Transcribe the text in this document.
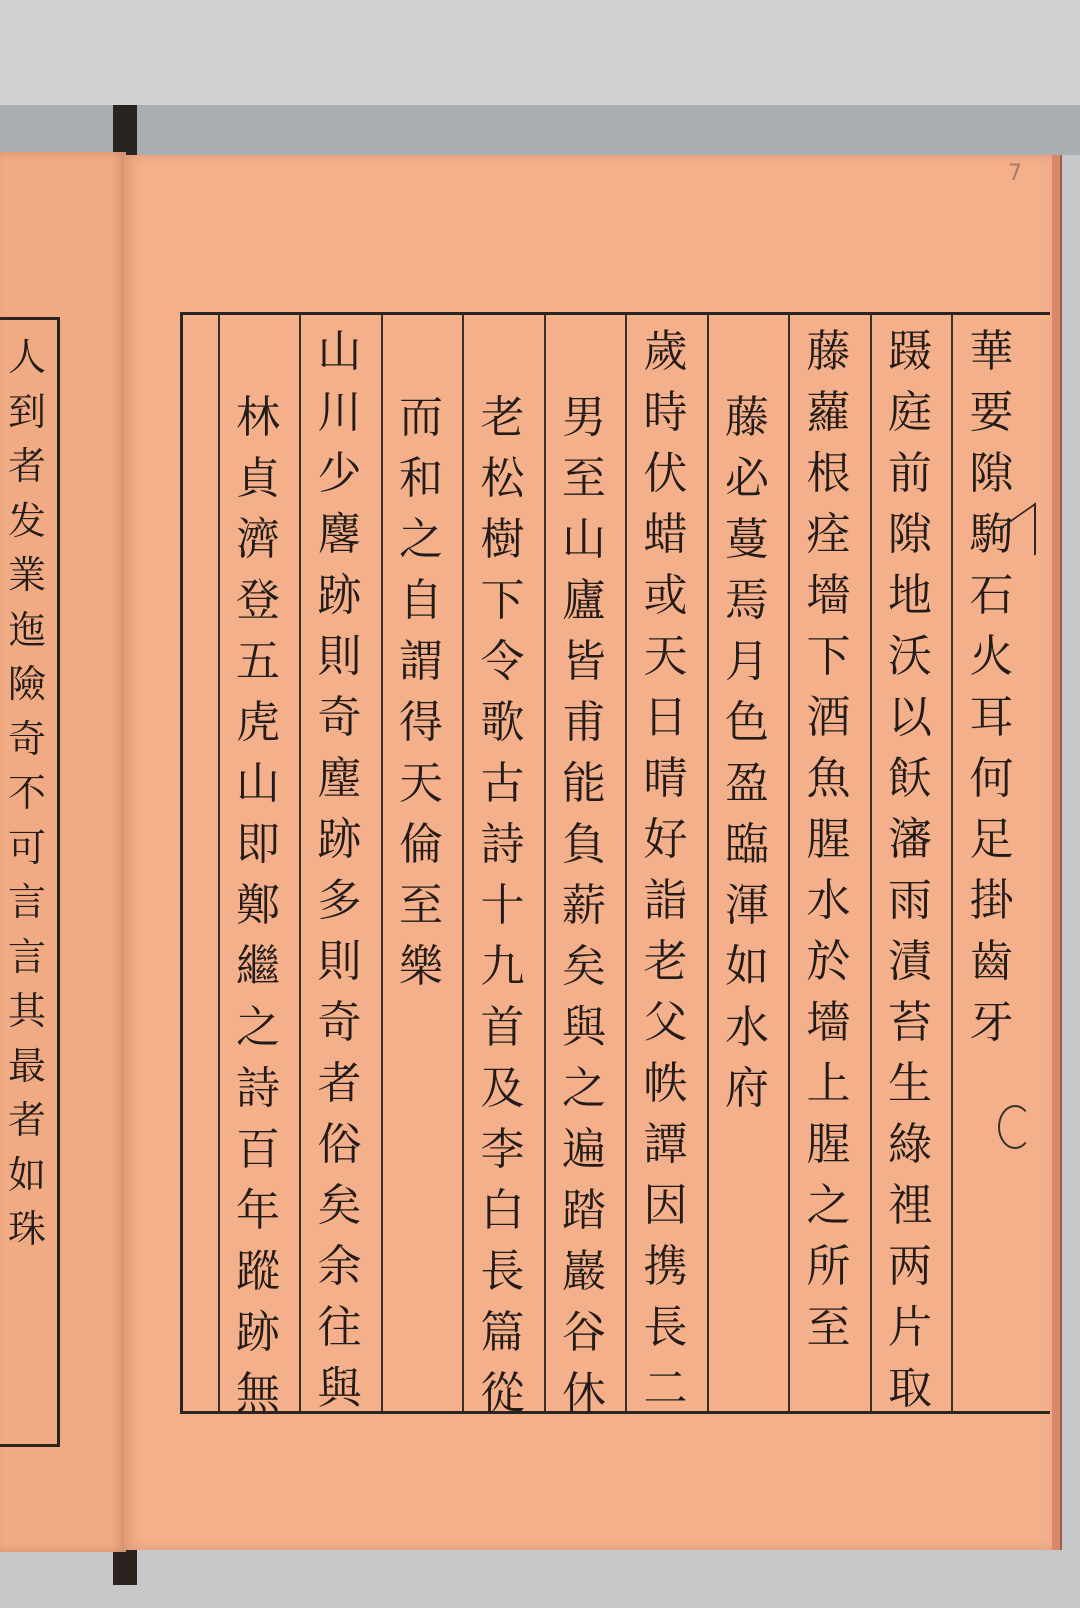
人
到
者
发
業
迤
險
奇
不
可
言
言
其
最
者
如
珠
7
華
要
隙
駒
石
火
耳
何
足
掛
齒
牙
蹑
庭
前
隙
地
沃
以
飫
瀋
雨
漬
苔
生
綠
𥚃
两
片
取
藤
蘿
根
痊
墻
下
酒
魚
腥
水
於
墻
上
腥
之
所
至
藤
必
蔓
焉
月
色
盈
臨
渾
如
水
府
歲
時
伏
蜡
或
天
日
晴
好
詣
老
父
帙
譚
因
携
長
二
男
至
山
廬
皆
甫
能
負
薪
矣
與
之
遍
踏
巖
谷
休
老
松
樹
下
令
歌
古
詩
十
九
首
及
李
白
長
篇
從
而
和
之
自
謂
得
天
倫
至
樂
山
川
少
麐
跡
則
奇
麈
跡
多
則
奇
者
俗
矣
余
往
與
林
貞
濟
登
五
虎
山
即
鄭
繼
之
詩
百
年
蹤
跡
無
